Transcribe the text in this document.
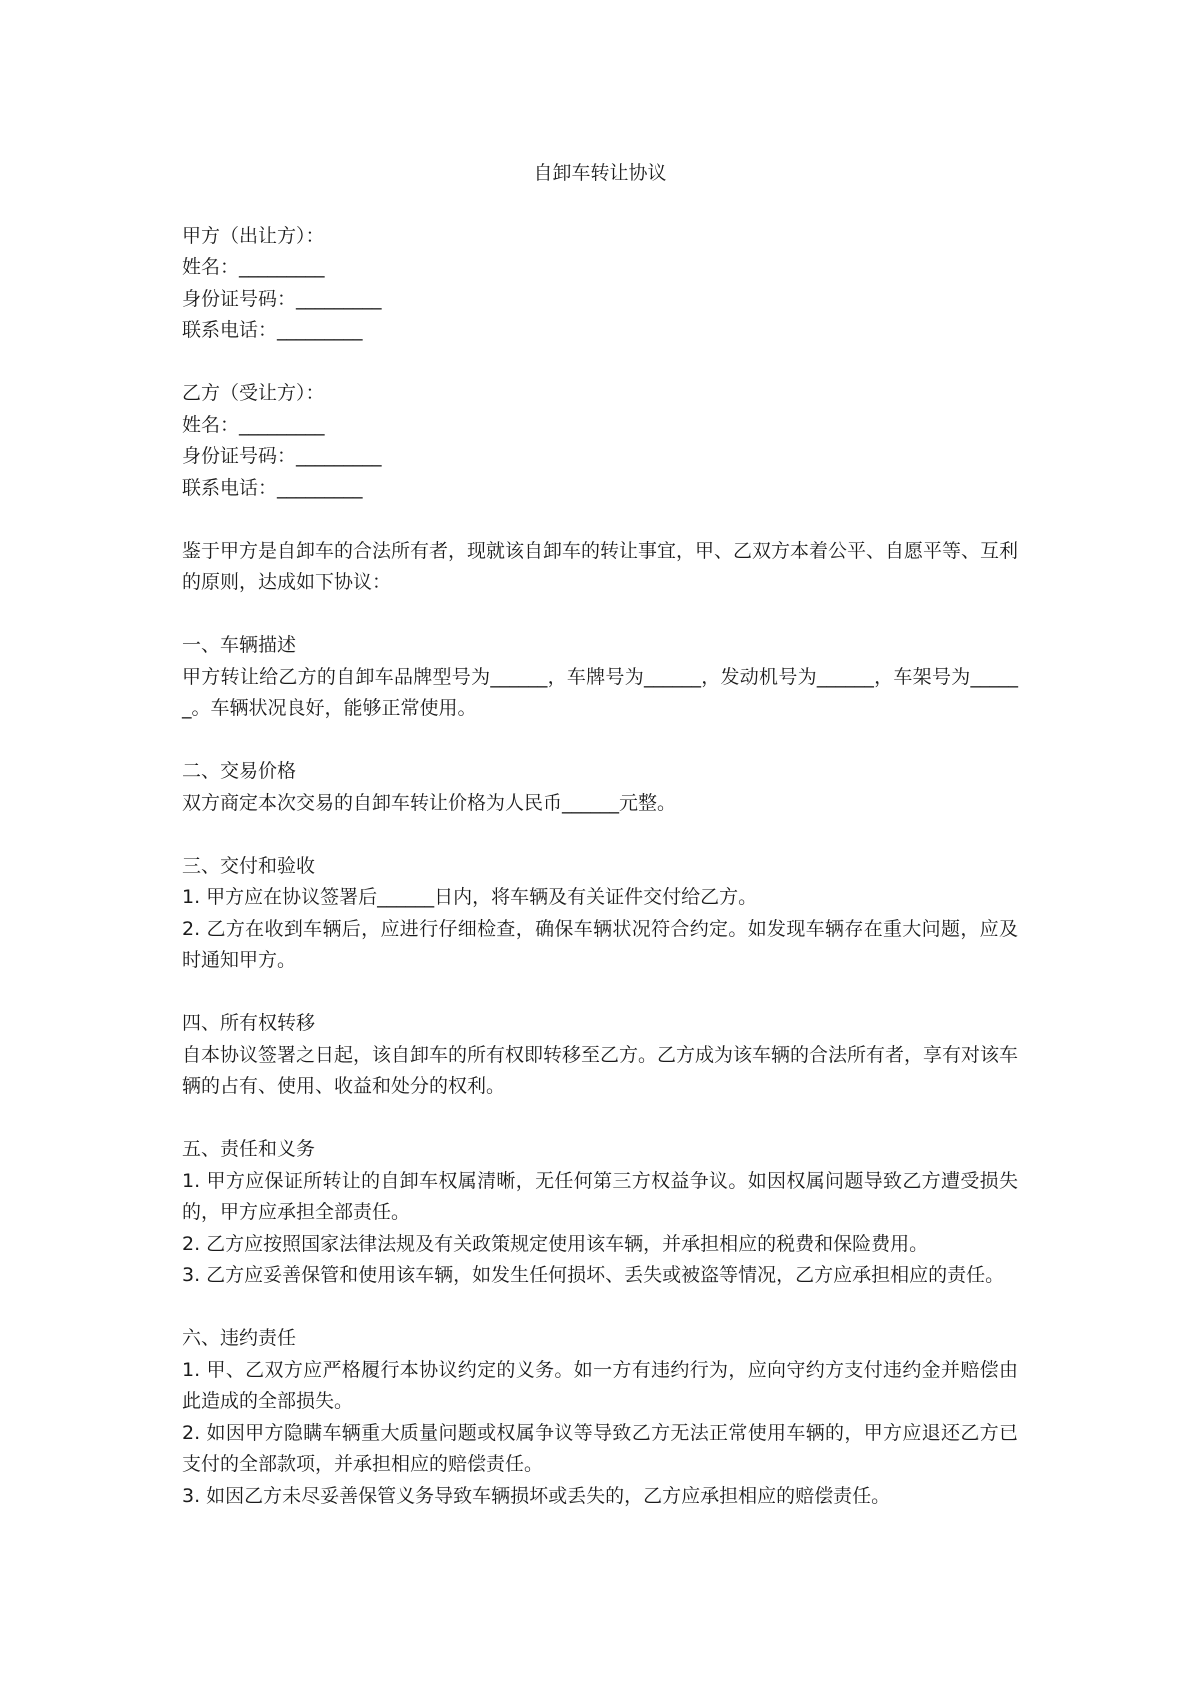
自卸车转让协议
甲方（出让方）：
姓名：_________
身份证号码：_________
联系电话：_________
乙方（受让方）：
姓名：_________
身份证号码：_________
联系电话：_________
鉴于甲方是自卸车的合法所有者，现就该自卸车的转让事宜，甲、乙双方本着公平、自愿平等、互利的原则，达成如下协议：
一、车辆描述
甲方转让给乙方的自卸车品牌型号为______，车牌号为______，发动机号为______，车架号为______。车辆状况良好，能够正常使用。
二、交易价格
双方商定本次交易的自卸车转让价格为人民币______元整。
三、交付和验收
1. 甲方应在协议签署后______日内，将车辆及有关证件交付给乙方。
2. 乙方在收到车辆后，应进行仔细检查，确保车辆状况符合约定。如发现车辆存在重大问题，应及时通知甲方。
四、所有权转移
自本协议签署之日起，该自卸车的所有权即转移至乙方。乙方成为该车辆的合法所有者，享有对该车辆的占有、使用、收益和处分的权利。
五、责任和义务
1. 甲方应保证所转让的自卸车权属清晰，无任何第三方权益争议。如因权属问题导致乙方遭受损失的，甲方应承担全部责任。
2. 乙方应按照国家法律法规及有关政策规定使用该车辆，并承担相应的税费和保险费用。
3. 乙方应妥善保管和使用该车辆，如发生任何损坏、丢失或被盗等情况，乙方应承担相应的责任。
六、违约责任
1. 甲、乙双方应严格履行本协议约定的义务。如一方有违约行为，应向守约方支付违约金并赔偿由此造成的全部损失。
2. 如因甲方隐瞒车辆重大质量问题或权属争议等导致乙方无法正常使用车辆的，甲方应退还乙方已支付的全部款项，并承担相应的赔偿责任。
3. 如因乙方未尽妥善保管义务导致车辆损坏或丢失的，乙方应承担相应的赔偿责任。
